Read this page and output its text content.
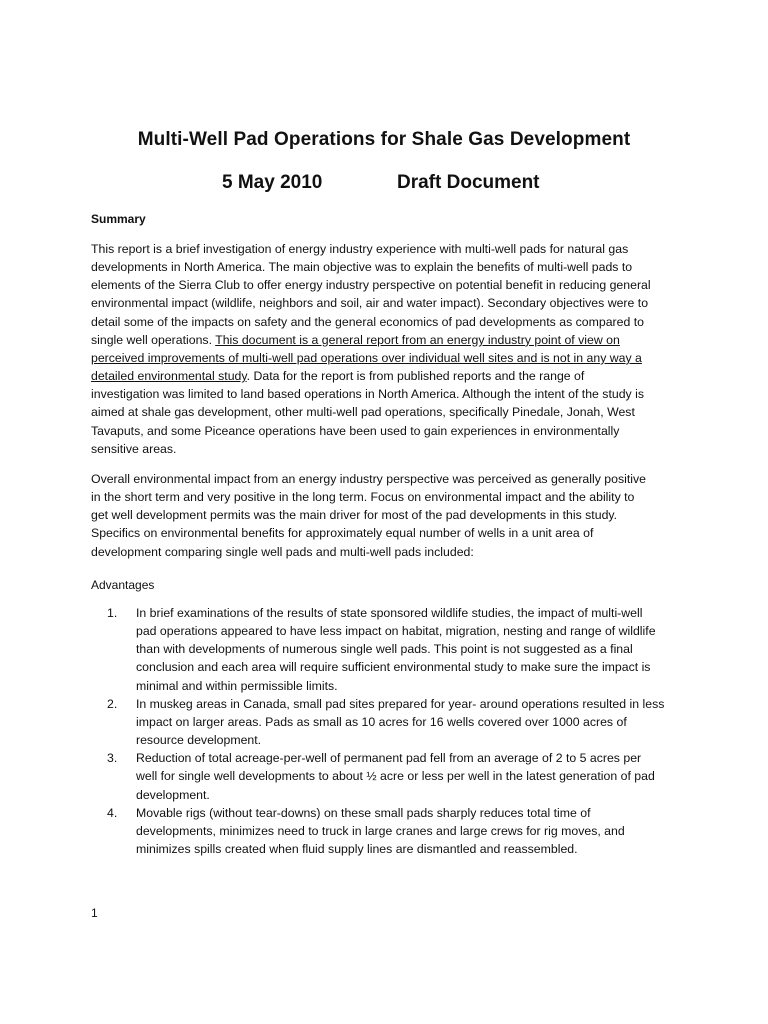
Multi-Well Pad Operations for Shale Gas Development
5 May 2010	Draft Document
Summary

This report is a brief investigation of energy industry experience with multi-well pads for natural gas
developments in North America. The main objective was to explain the benefits of multi-well pads to
elements of the Sierra Club to offer energy industry perspective on potential benefit in reducing general
environmental impact (wildlife, neighbors and soil, air and water impact). Secondary objectives were to
detail some of the impacts on safety and the general economics of pad developments as compared to
single well operations. This document is a general report from an energy industry point of view on
perceived improvements of multi-well pad operations over individual well sites and is not in any way a
detailed environmental study. Data for the report is from published reports and the range of
investigation was limited to land based operations in North America. Although the intent of the study is
aimed at shale gas development, other multi-well pad operations, specifically Pinedale, Jonah, West
Tavaputs, and some Piceance operations have been used to gain experiences in environmentally
sensitive areas.

Overall environmental impact from an energy industry perspective was perceived as generally positive
in the short term and very positive in the long term. Focus on environmental impact and the ability to
get well development permits was the main driver for most of the pad developments in this study.
Specifics on environmental benefits for approximately equal number of wells in a unit area of
development comparing single well pads and multi-well pads included:

Advantages
1. In brief examinations of the results of state sponsored wildlife studies, the impact of multi-well
pad operations appeared to have less impact on habitat, migration, nesting and range of wildlife
than with developments of numerous single well pads. This point is not suggested as a final
conclusion and each area will require sufficient environmental study to make sure the impact is
minimal and within permissible limits.
2. In muskeg areas in Canada, small pad sites prepared for year- around operations resulted in less
impact on larger areas. Pads as small as 10 acres for 16 wells covered over 1000 acres of
resource development.
3. Reduction of total acreage-per-well of permanent pad fell from an average of 2 to 5 acres per
well for single well developments to about ½ acre or less per well in the latest generation of pad
development.
4. Movable rigs (without tear-downs) on these small pads sharply reduces total time of
developments, minimizes need to truck in large cranes and large crews for rig moves, and
minimizes spills created when fluid supply lines are dismantled and reassembled.
1
